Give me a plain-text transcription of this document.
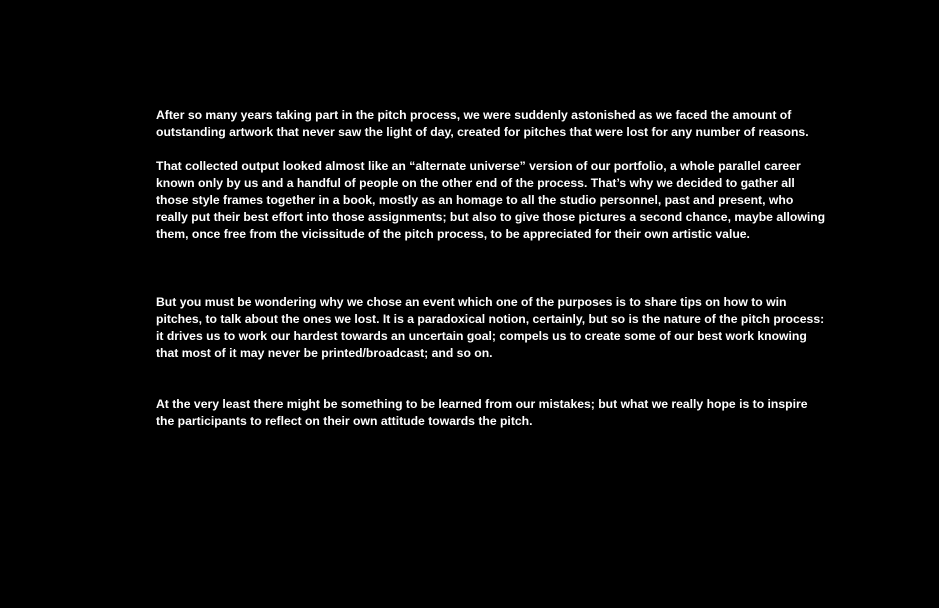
After so many years taking part in the pitch process, we were suddenly astonished as we faced the amount of outstanding artwork that never saw the light of day, created for pitches that were lost for any number of reasons.

That collected output looked almost like an “alternate universe” version of our portfolio, a whole parallel career known only by us and a handful of people on the other end of the process. That’s why we decided to gather all those style frames together in a book, mostly as an homage to all the studio personnel, past and present, who really put their best effort into those assignments; but also to give those pictures a second chance, maybe allowing them, once free from the vicissitude of the pitch process, to be appreciated for their own artistic value.

But you must be wondering why we chose an event which one of the purposes is to share tips on how to win pitches, to talk about the ones we lost. It is a paradoxical notion, certainly, but so is the nature of the pitch process: it drives us to work our hardest towards an uncertain goal; compels us to create some of our best work knowing that most of it may never be printed/broadcast; and so on.

At the very least there might be something to be learned from our mistakes; but what we really hope is to inspire the participants to reflect on their own attitude towards the pitch.
